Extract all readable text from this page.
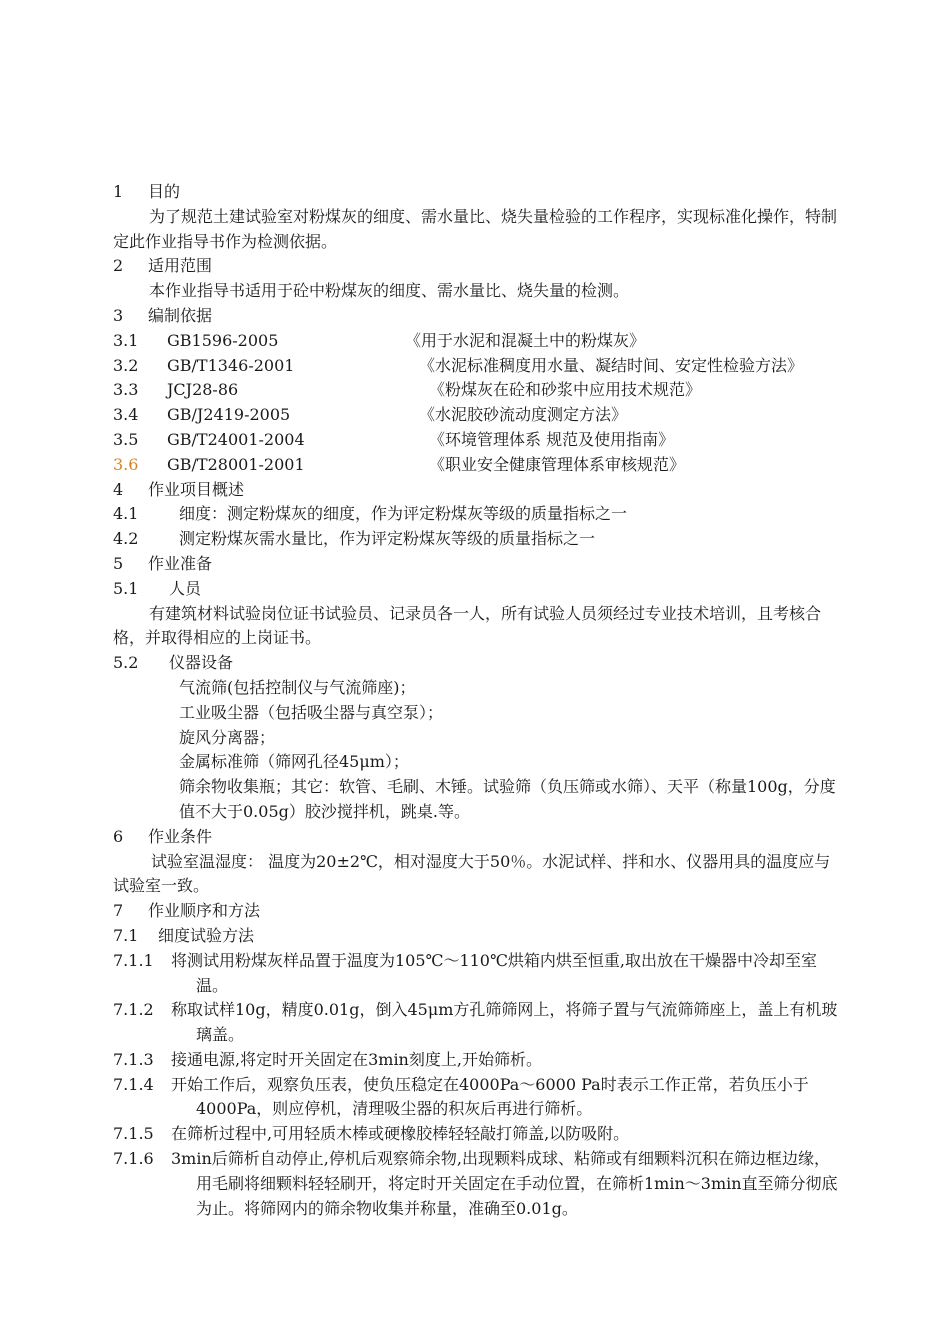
1 目的
为了规范土建试验室对粉煤灰的细度、需水量比、烧失量检验的工作程序，实现标准化操作，特制定此作业指导书作为检测依据。
2 适用范围
本作业指导书适用于砼中粉煤灰的细度、需水量比、烧失量的检测。
3 编制依据
3.1 GB1596-2005	《用于水泥和混凝土中的粉煤灰》
3.2 GB/T1346-2001	《水泥标准稠度用水量、凝结时间、安定性检验方法》
3.3 JCJ28-86	《粉煤灰在砼和砂浆中应用技术规范》
3.4 GB/J2419-2005	《水泥胶砂流动度测定方法》
3.5 GB/T24001-2004	《环境管理体系 规范及使用指南》
3.6 GB/T28001-2001	《职业安全健康管理体系审核规范》
4 作业项目概述
4.1	细度：测定粉煤灰的细度，作为评定粉煤灰等级的质量指标之一
4.2	测定粉煤灰需水量比，作为评定粉煤灰等级的质量指标之一
5 作业准备
5.1 人员
有建筑材料试验岗位证书试验员、记录员各一人，所有试验人员须经过专业技术培训，且考核合格，并取得相应的上岗证书。
5.2 仪器设备
气流筛(包括控制仪与气流筛座)；
工业吸尘器（包括吸尘器与真空泵）；
旋风分离器；
金属标准筛（筛网孔径45μm）；
筛余物收集瓶；其它：软管、毛刷、木锤。试验筛（负压筛或水筛）、天平（称量100g，分度值不大于0.05g）胶沙搅拌机，跳桌.等。
6 作业条件
试验室温湿度： 温度为20±2℃，相对湿度大于50％。水泥试样、拌和水、仪器用具的温度应与试验室一致。
7 作业顺序和方法
7.1 细度试验方法
7.1.1 将测试用粉煤灰样品置于温度为105℃～110℃烘箱内烘至恒重,取出放在干燥器中冷却至室温。
7.1.2 称取试样10g，精度0.01g，倒入45μm方孔筛筛网上，将筛子置与气流筛筛座上，盖上有机玻璃盖。
7.1.3 接通电源,将定时开关固定在3min刻度上,开始筛析。
7.1.4 开始工作后，观察负压表，使负压稳定在4000Pa～6000 Pa时表示工作正常，若负压小于4000Pa，则应停机，清理吸尘器的积灰后再进行筛析。
7.1.5 在筛析过程中,可用轻质木棒或硬橡胶棒轻轻敲打筛盖,以防吸附。
7.1.6 3min后筛析自动停止,停机后观察筛余物,出现颗料成球、粘筛或有细颗料沉积在筛边框边缘，用毛刷将细颗料轻轻刷开，将定时开关固定在手动位置，在筛析1min～3min直至筛分彻底为止。将筛网内的筛余物收集并称量，准确至0.01g。
